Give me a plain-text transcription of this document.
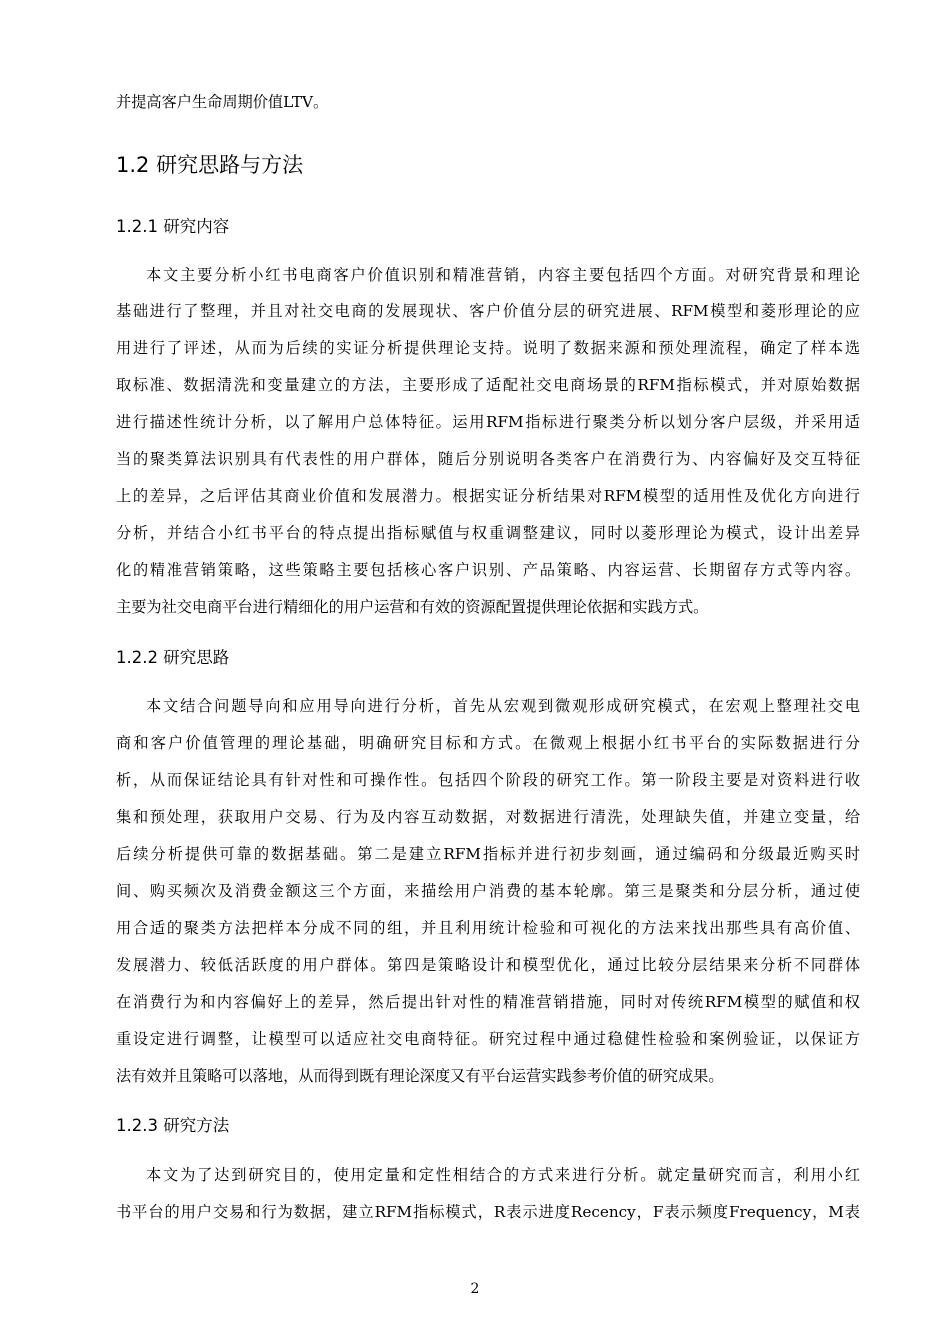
并提高客户生命周期价值LTV。
1.2 研究思路与方法
1.2.1 研究内容
本文主要分析小红书电商客户价值识别和精准营销，内容主要包括四个方面。对研究背景和理论
基础进行了整理，并且对社交电商的发展现状、客户价值分层的研究进展、RFM模型和菱形理论的应
用进行了评述，从而为后续的实证分析提供理论支持。说明了数据来源和预处理流程，确定了样本选
取标准、数据清洗和变量建立的方法，主要形成了适配社交电商场景的RFM指标模式，并对原始数据
进行描述性统计分析，以了解用户总体特征。运用RFM指标进行聚类分析以划分客户层级，并采用适
当的聚类算法识别具有代表性的用户群体，随后分别说明各类客户在消费行为、内容偏好及交互特征
上的差异，之后评估其商业价值和发展潜力。根据实证分析结果对RFM模型的适用性及优化方向进行
分析，并结合小红书平台的特点提出指标赋值与权重调整建议，同时以菱形理论为模式，设计出差异
化的精准营销策略，这些策略主要包括核心客户识别、产品策略、内容运营、长期留存方式等内容。
主要为社交电商平台进行精细化的用户运营和有效的资源配置提供理论依据和实践方式。
1.2.2 研究思路
本文结合问题导向和应用导向进行分析，首先从宏观到微观形成研究模式，在宏观上整理社交电
商和客户价值管理的理论基础，明确研究目标和方式。在微观上根据小红书平台的实际数据进行分
析，从而保证结论具有针对性和可操作性。包括四个阶段的研究工作。第一阶段主要是对资料进行收
集和预处理，获取用户交易、行为及内容互动数据，对数据进行清洗，处理缺失值，并建立变量，给
后续分析提供可靠的数据基础。第二是建立RFM指标并进行初步刻画，通过编码和分级最近购买时
间、购买频次及消费金额这三个方面，来描绘用户消费的基本轮廓。第三是聚类和分层分析，通过使
用合适的聚类方法把样本分成不同的组，并且利用统计检验和可视化的方法来找出那些具有高价值、
发展潜力、较低活跃度的用户群体。第四是策略设计和模型优化，通过比较分层结果来分析不同群体
在消费行为和内容偏好上的差异，然后提出针对性的精准营销措施，同时对传统RFM模型的赋值和权
重设定进行调整，让模型可以适应社交电商特征。研究过程中通过稳健性检验和案例验证，以保证方
法有效并且策略可以落地，从而得到既有理论深度又有平台运营实践参考价值的研究成果。
1.2.3 研究方法
本文为了达到研究目的，使用定量和定性相结合的方式来进行分析。就定量研究而言，利用小红
书平台的用户交易和行为数据，建立RFM指标模式，R表示进度Recency，F表示频度Frequency，M表
2
